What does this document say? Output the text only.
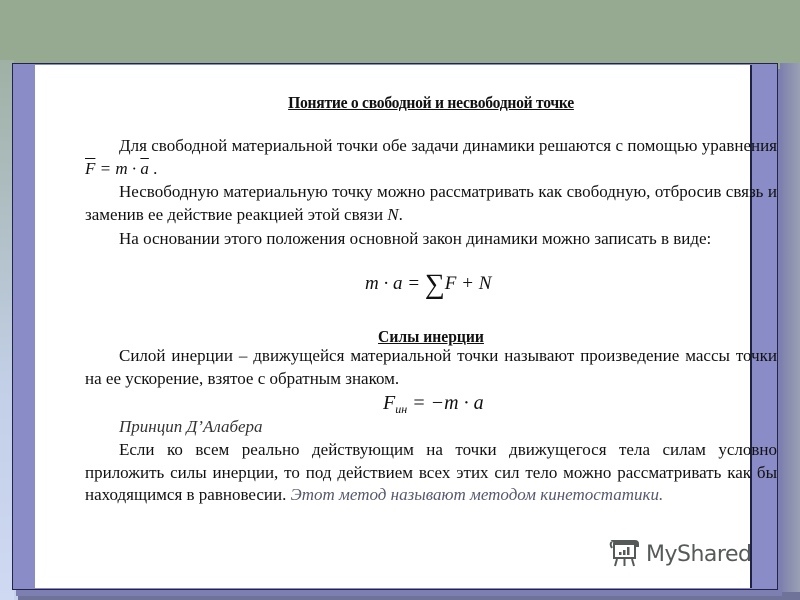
Понятие о свободной и несвободной точке
Для свободной материальной точки обе задачи динамики решаются с помощью уравнения $\overline{F} = m \cdot \overline{a}$ .
Несвободную материальную точку можно рассматривать как свободную, отбросив связь и заменив ее действие реакцией этой связи N.
На основании этого положения основной закон динамики можно записать в виде:
m · a = ∑F + N
Силы инерции
Силой инерции – движущейся материальной точки называют произведение массы точки на ее ускорение, взятое с обратным знаком.
$F_{ин} = -m \cdot a$
Принцип Д’Алабера
Если ко всем реально действующим на точки движущегося тела силам условно приложить силы инерции, то под действием всех этих сил тело можно рассматривать как бы находящимся в равновесии. Этот метод называют методом кинетостатики.
MyShared
